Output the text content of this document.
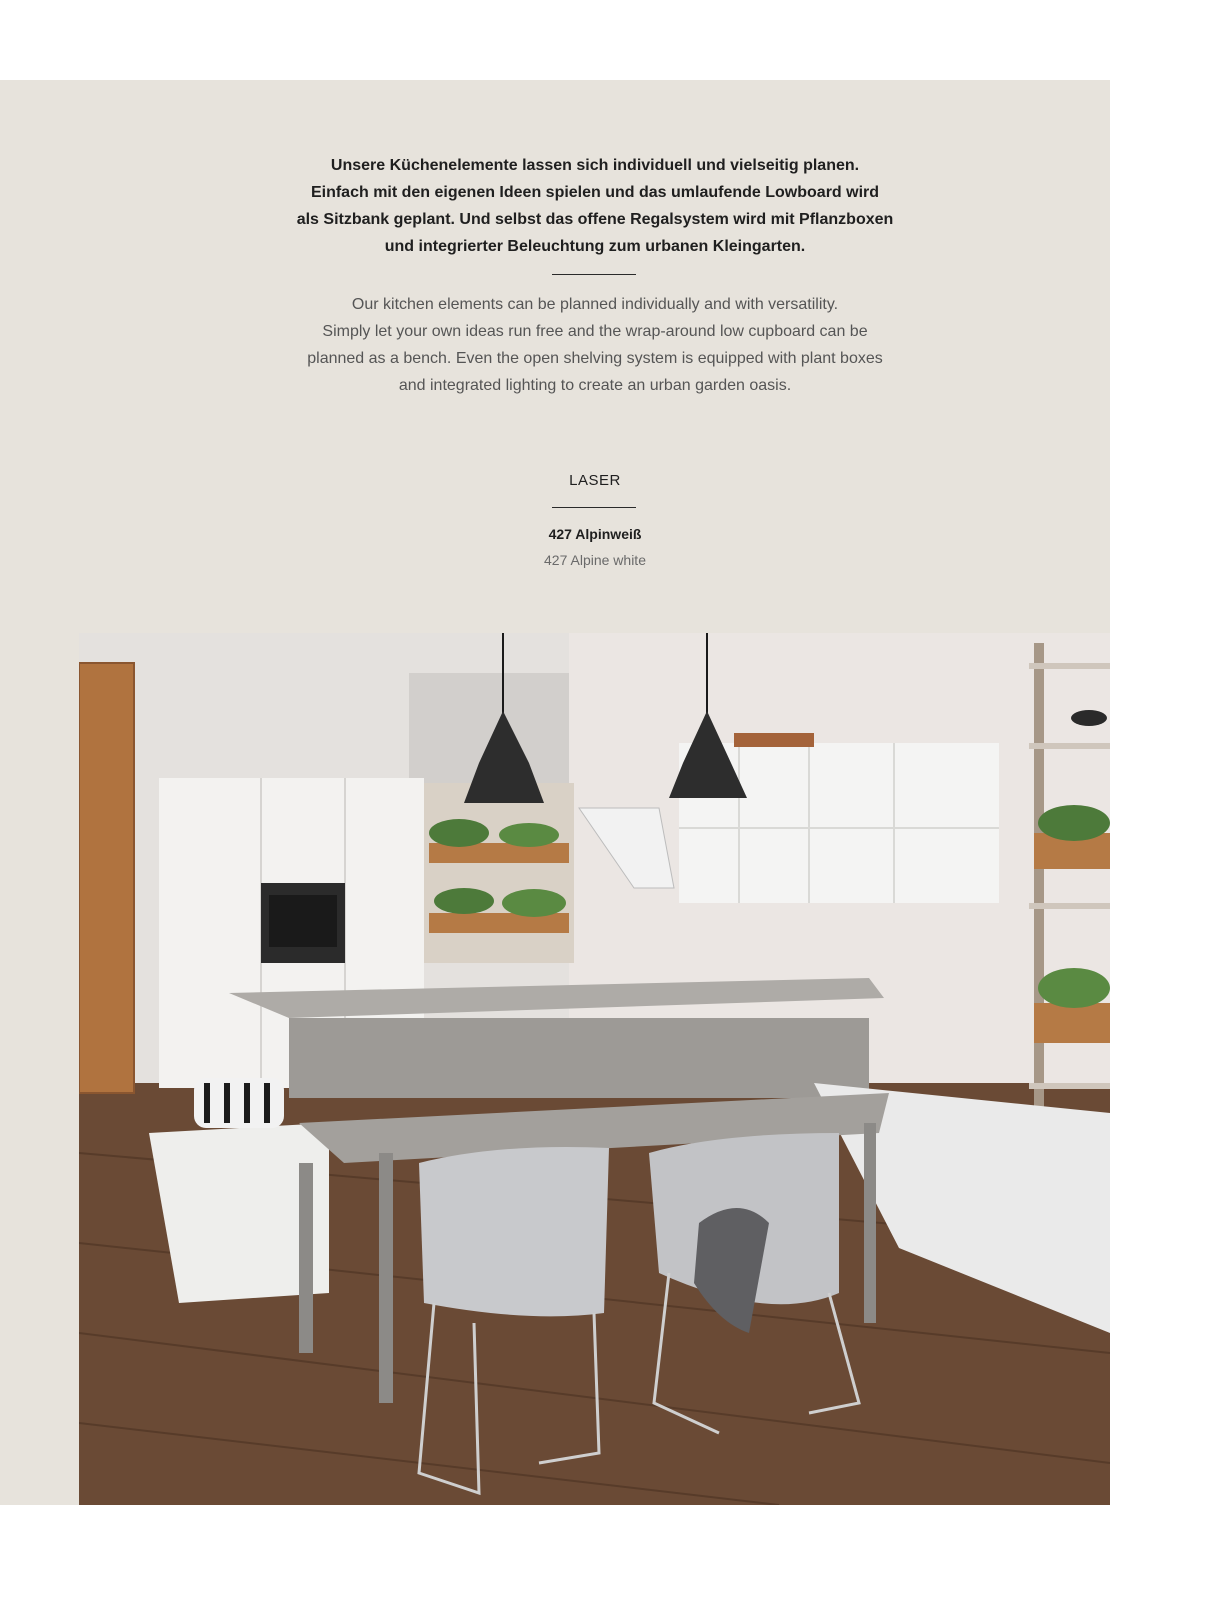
Unsere Küchenelemente lassen sich individuell und vielseitig planen.

Einfach mit den eigenen Ideen spielen und das umlaufende Lowboard wird

als Sitzbank geplant. Und selbst das offene Regalsystem wird mit Pflanzboxen

und integrierter Beleuchtung zum urbanen Kleingarten.

Our kitchen elements can be planned individually and with versatility.

Simply let your own ideas run free and the wrap-around low cupboard can be

planned as a bench. Even the open shelving system is equipped with plant boxes

and integrated lighting to create an urban garden oasis.

LASER
427 Alpinweiß
427 Alpine white
